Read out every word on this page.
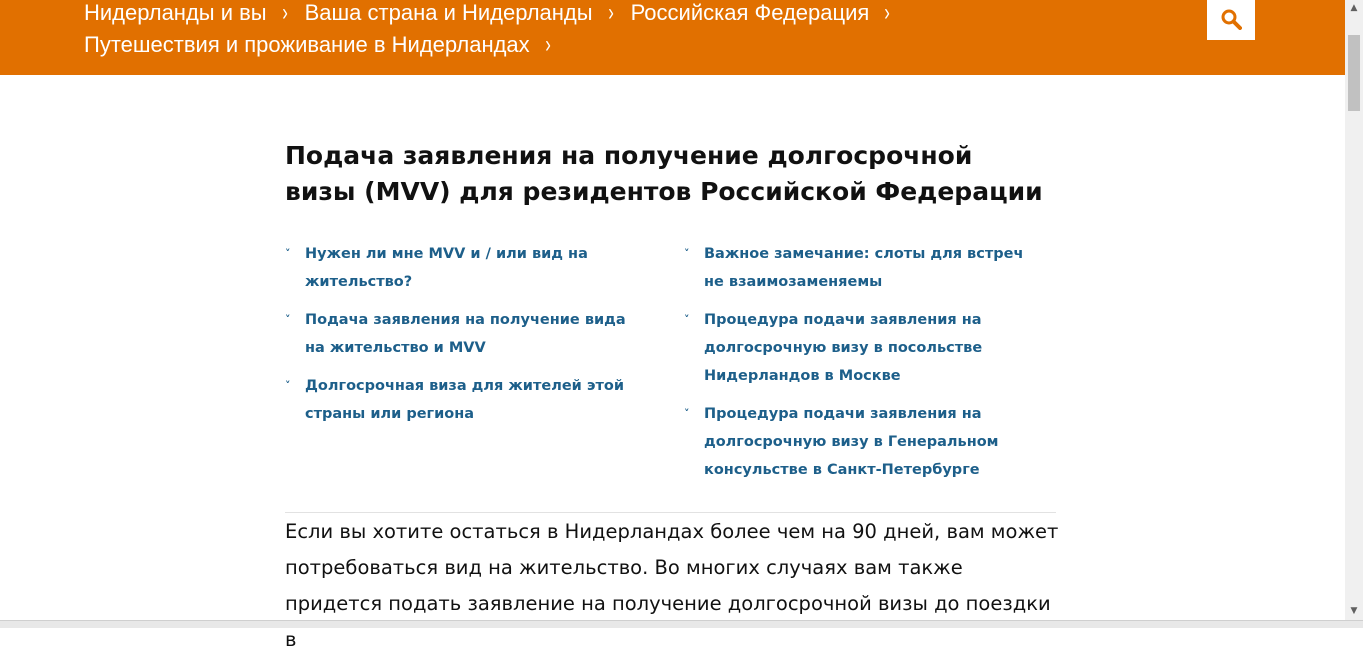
Нидерланды и вы › Ваша страна и Нидерланды › Российская Федерация ›
Путешествия и проживание в Нидерландах ›
▲
▼
Подача заявления на получение долгосрочной визы (MVV) для резидентов Российской Федерации
˅ Нужен ли мне MVV и / или вид на жительство?
˅ Подача заявления на получение вида на жительство и MVV
˅ Долгосрочная виза для жителей этой страны или региона
˅ Важное замечание: слоты для встреч не взаимозаменяемы
˅ Процедура подачи заявления на долгосрочную визу в посольстве Нидерландов в Москве
˅ Процедура подачи заявления на долгосрочную визу в Генеральном консульстве в Санкт-Петербурге

Если вы хотите остаться в Нидерландах более чем на 90 дней, вам может потребоваться вид на жительство. Во многих случаях вам также придется подать заявление на получение долгосрочной визы до поездки в
